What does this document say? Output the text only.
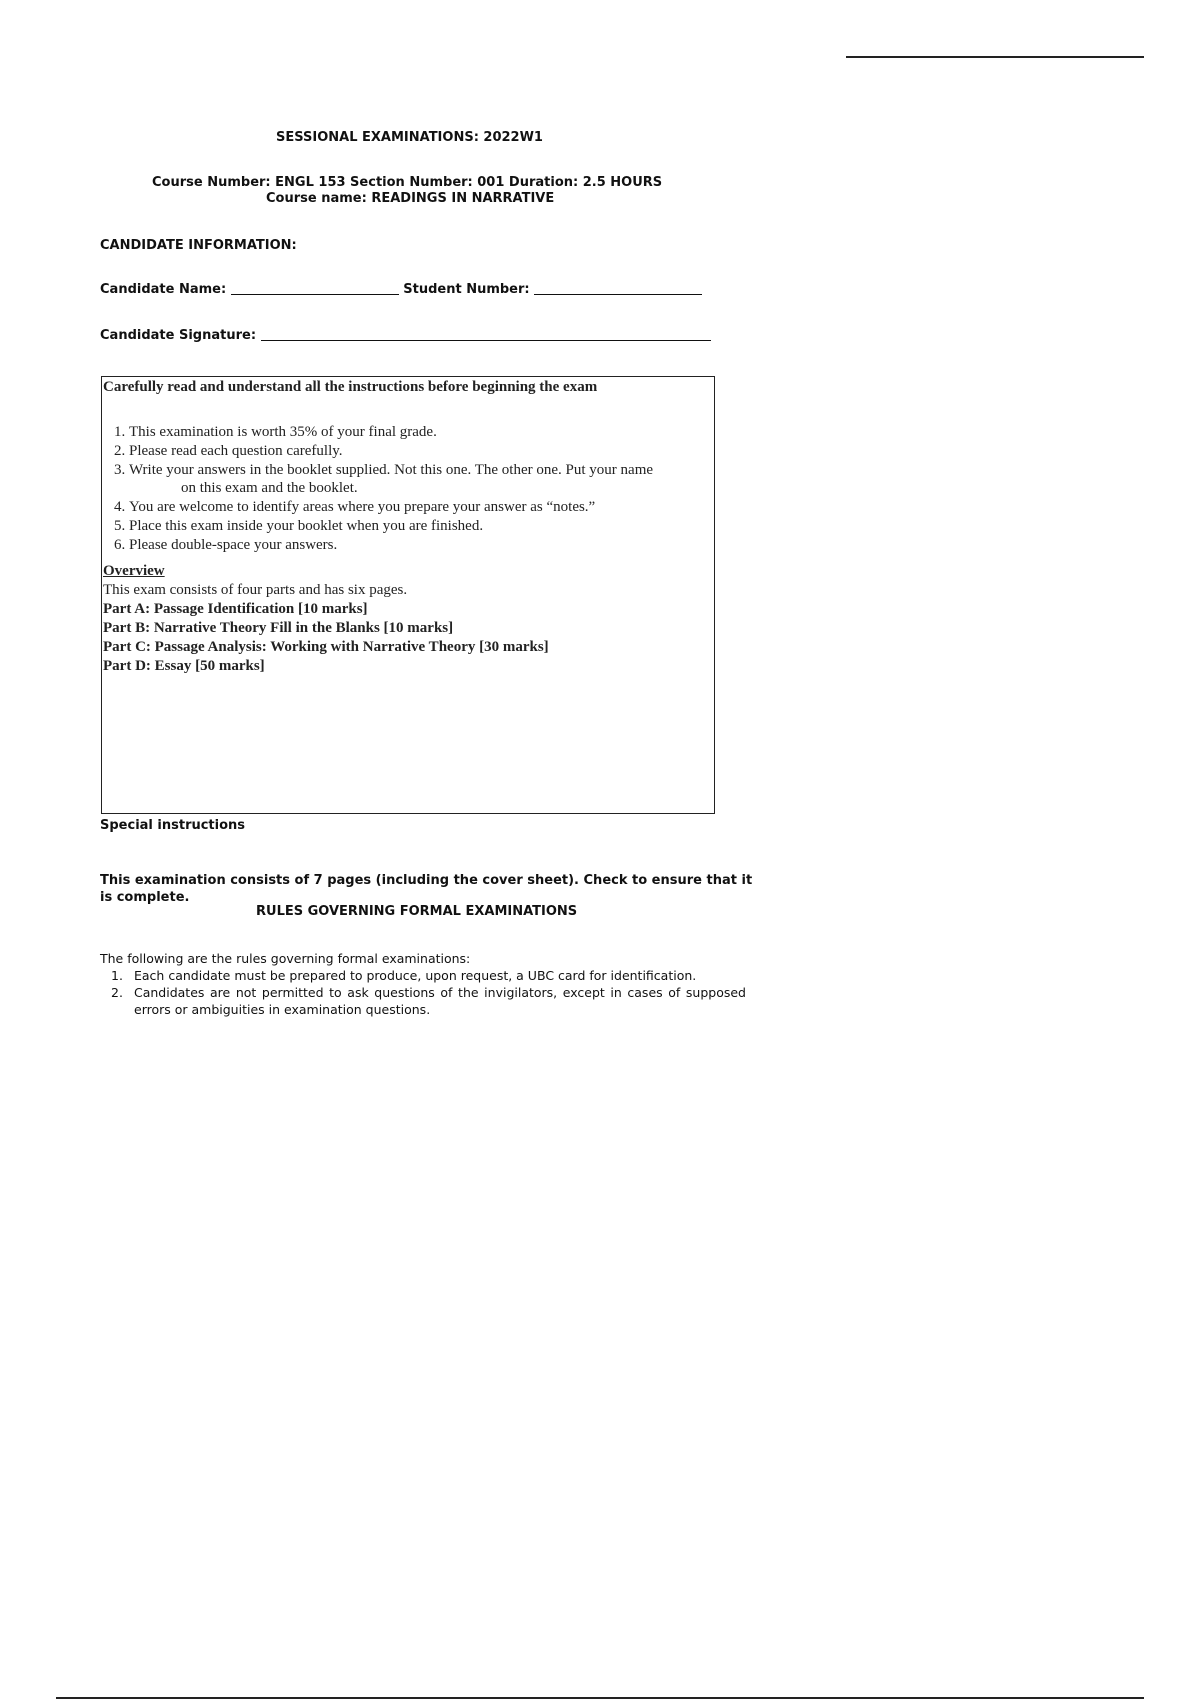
SESSIONAL EXAMINATIONS: 2022W1
Course Number: ENGL 153 Section Number: 001 Duration: 2.5 HOURS
Course name: READINGS IN NARRATIVE
CANDIDATE INFORMATION:
Candidate Name:	Student Number:
Candidate Signature:
Carefully read and understand all the instructions before beginning the exam
1. This examination is worth 35% of your final grade.
2. Please read each question carefully.
3. Write your answers in the booklet supplied. Not this one. The other one. Put your name
on this exam and the booklet.
4. You are welcome to identify areas where you prepare your answer as “notes.”
5. Place this exam inside your booklet when you are finished.
6. Please double-space your answers.
Overview
This exam consists of four parts and has six pages.
Part A: Passage Identification [10 marks]
Part B: Narrative Theory Fill in the Blanks [10 marks]
Part C: Passage Analysis: Working with Narrative Theory [30 marks]
Part D: Essay [50 marks]
Special instructions
This examination consists of 7 pages (including the cover sheet). Check to ensure that it is complete.
RULES GOVERNING FORMAL EXAMINATIONS
The following are the rules governing formal examinations:
1. Each candidate must be prepared to produce, upon request, a UBC card for identification.
2. Candidates are not permitted to ask questions of the invigilators, except in cases of supposed errors or ambiguities in examination questions.
